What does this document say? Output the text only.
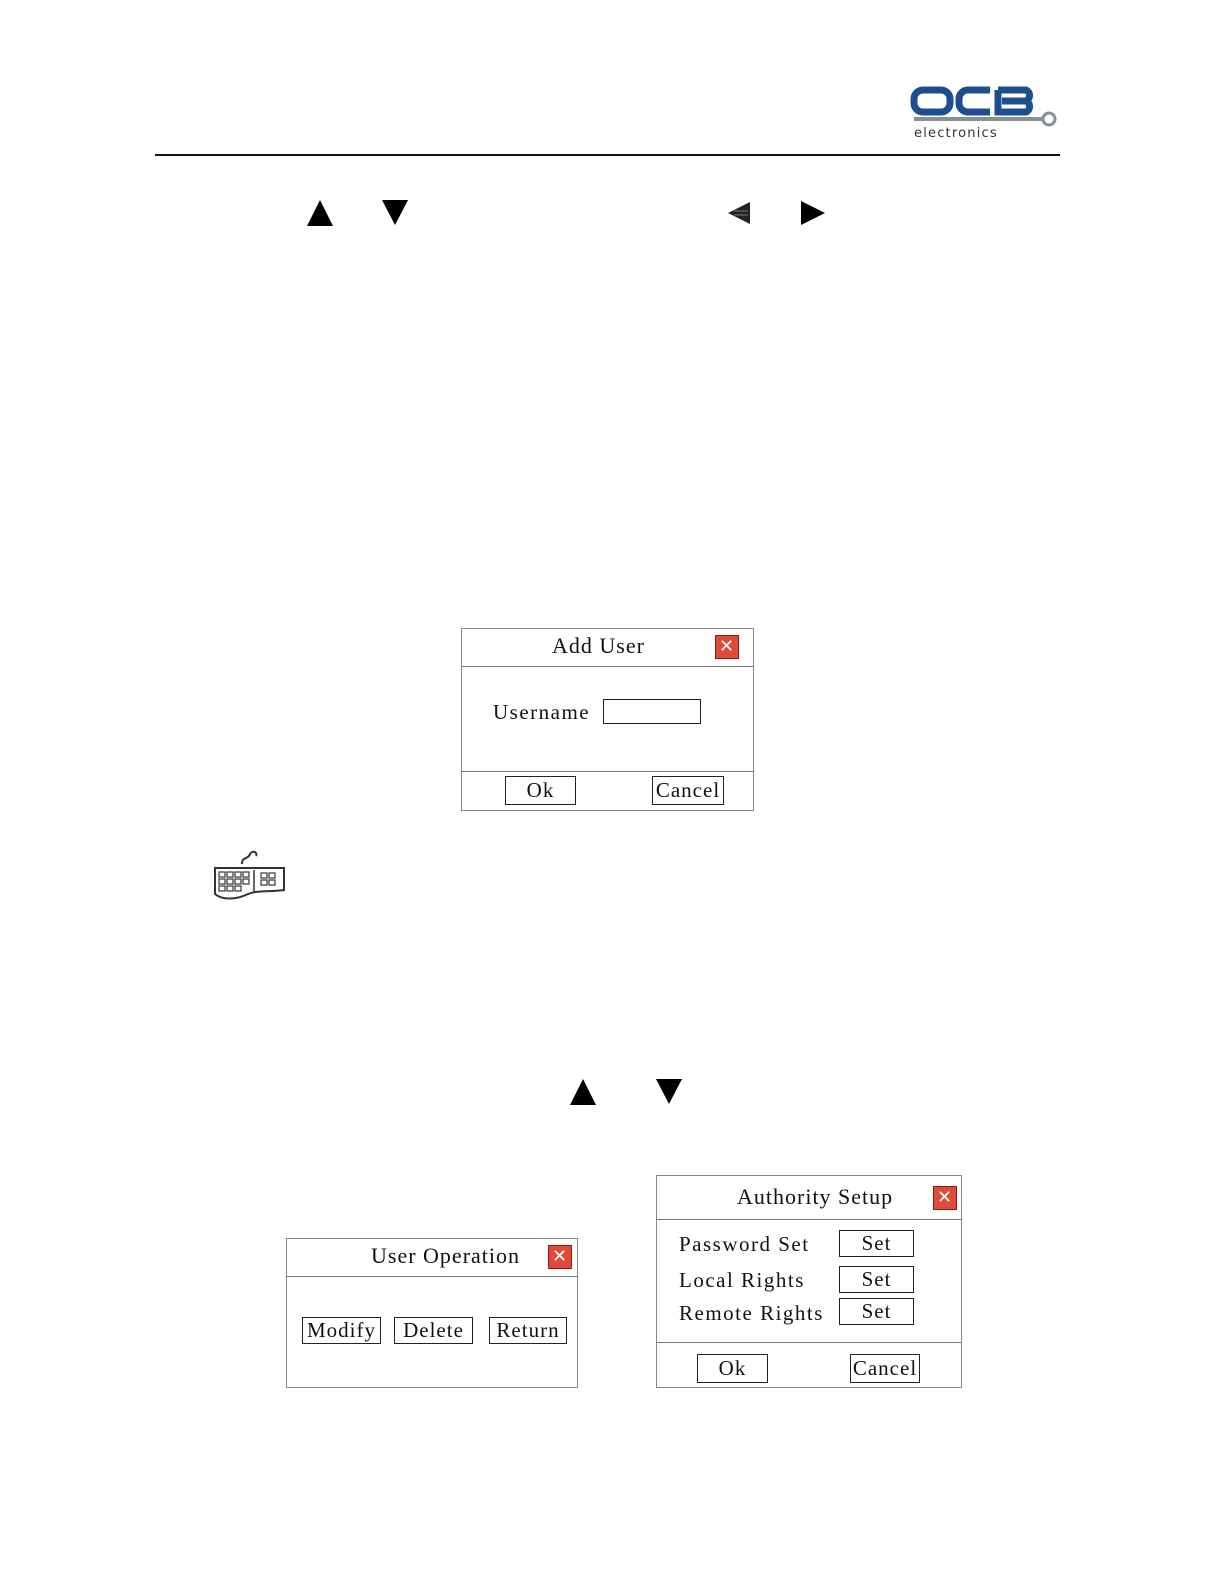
electronics
Add User	✕
Username
Ok	Cancel
User Operation ✕
Modify	Delete	Return
Authority Setup ✕
Password Set	Set
Local Rights	Set
Remote Rights	Set
Ok	Cancel
